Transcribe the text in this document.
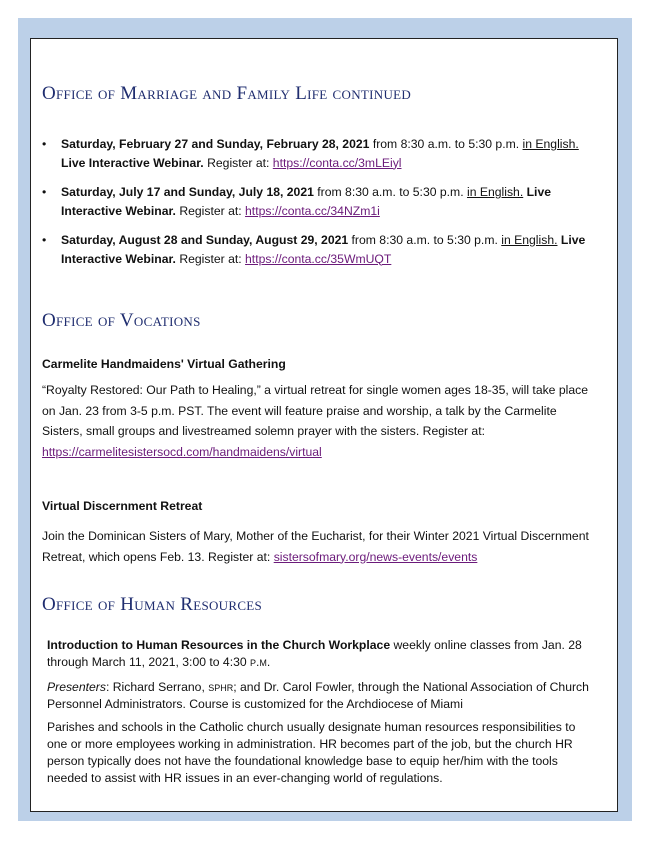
Office of Marriage and Family Life continued
• Saturday, February 27 and Sunday, February 28, 2021 from 8:30 a.m. to 5:30 p.m. in English. Live Interactive Webinar. Register at: https://conta.cc/3mLEiyl
• Saturday, July 17 and Sunday, July 18, 2021 from 8:30 a.m. to 5:30 p.m. in English. Live Interactive Webinar. Register at: https://conta.cc/34NZm1i
• Saturday, August 28 and Sunday, August 29, 2021 from 8:30 a.m. to 5:30 p.m. in English. Live Interactive Webinar. Register at: https://conta.cc/35WmUQT
Office of Vocations
Carmelite Handmaidens' Virtual Gathering
“Royalty Restored: Our Path to Healing,” a virtual retreat for single women ages 18-35, will take place on Jan. 23 from 3-5 p.m. PST. The event will feature praise and worship, a talk by the Carmelite Sisters, small groups and livestreamed solemn prayer with the sisters. Register at: https://carmelitesistersocd.com/handmaidens/virtual
Virtual Discernment Retreat
Join the Dominican Sisters of Mary, Mother of the Eucharist, for their Winter 2021 Virtual Discernment Retreat, which opens Feb. 13. Register at: sistersofmary.org/news-events/events
Office of Human Resources
Introduction to Human Resources in the Church Workplace weekly online classes from Jan. 28 through March 11, 2021, 3:00 to 4:30 p.m.
Presenters: Richard Serrano, sphr; and Dr. Carol Fowler, through the National Association of Church Personnel Administrators. Course is customized for the Archdiocese of Miami
Parishes and schools in the Catholic church usually designate human resources responsibilities to one or more employees working in administration. HR becomes part of the job, but the church HR person typically does not have the foundational knowledge base to equip her/him with the tools needed to assist with HR issues in an ever-changing world of regulations.
